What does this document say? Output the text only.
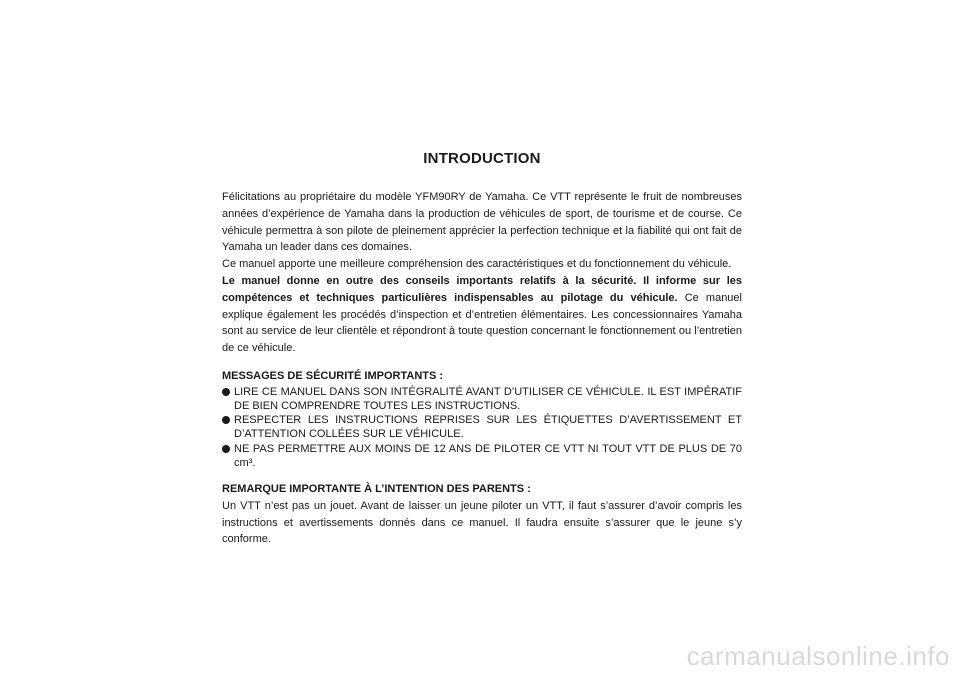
INTRODUCTION

Félicitations au propriétaire du modèle YFM90RY de Yamaha. Ce VTT représente le fruit de nombreuses années d’expérience de Yamaha dans la production de véhicules de sport, de tourisme et de course. Ce véhicule permettra à son pilote de pleinement apprécier la perfection technique et la fiabilité qui ont fait de Yamaha un leader dans ces domaines.

Ce manuel apporte une meilleure compréhension des caractéristiques et du fonctionnement du véhicule.
Le manuel donne en outre des conseils importants relatifs à la sécurité. Il informe sur les compétences et techniques particulières indispensables au pilotage du véhicule. Ce manuel explique également les procédés d’inspection et d’entretien élémentaires. Les concessionnaires Yamaha sont au service de leur clientèle et répondront à toute question concernant le fonctionnement ou l’entretien de ce véhicule.

MESSAGES DE SÉCURITÉ IMPORTANTS :

LIRE CE MANUEL DANS SON INTÉGRALITÉ AVANT D’UTILISER CE VÉHICULE. IL EST IMPÉRATIF DE BIEN COMPRENDRE TOUTES LES INSTRUCTIONS.
RESPECTER LES INSTRUCTIONS REPRISES SUR LES ÉTIQUETTES D’AVERTISSEMENT ET D’ATTENTION COLLÉES SUR LE VÉHICULE.
NE PAS PERMETTRE AUX MOINS DE 12 ANS DE PILOTER CE VTT NI TOUT VTT DE PLUS DE 70 cm³.

REMARQUE IMPORTANTE À L’INTENTION DES PARENTS :

Un VTT n’est pas un jouet. Avant de laisser un jeune piloter un VTT, il faut s’assurer d’avoir compris les instructions et avertissements donnés dans ce manuel. Il faudra ensuite s’assurer que le jeune s’y conforme.

carmanualsonline.info
